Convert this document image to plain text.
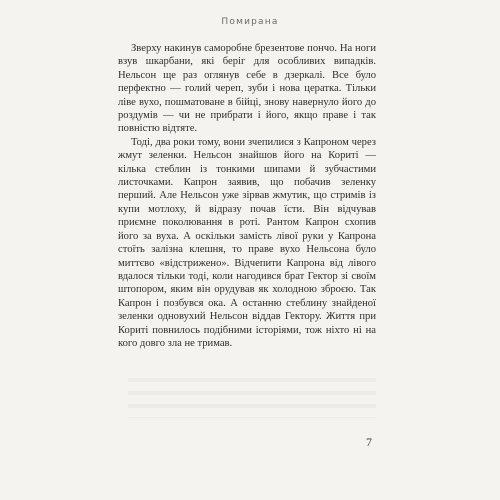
Помирана

Зверху накинув саморобне брезентове пончо. На ноги взув шкарбани, які беріг для особливих випадків. Нельсон ще раз оглянув себе в дзеркалі. Все було перфектно — голий череп, зуби і нова цератка. Тільки ліве вухо, пошматоване в бійці, знову навернуло його до роздумів — чи не прибрати і його, якщо праве і так повністю відтяте.

Тоді, два роки тому, вони зчепилися з Капроном через жмут зеленки. Нельсон знайшов його на Кориті — кілька стеблин із тонкими шипами й зубчастими листочками. Капрон заявив, що побачив зеленку перший. Але Нельсон уже зірвав жмутик, що стримів із купи мотлоху, й відразу почав їсти. Він відчував приємне поколювання в роті. Рантом Капрон схопив його за вуха. А оскільки замість лівої руки у Капрона стоїть залізна клешня, то праве вухо Нельсона було миттєво «відстрижено». Відчепити Капрона від лівого вдалося тільки тоді, коли нагодився брат Гектор зі своїм штопором, яким він орудував як холодною зброєю. Так Капрон і позбувся ока. А останню стеблину знайденої зеленки одновухий Нельсон віддав Гектору. Життя при Кориті повнилось подібними історіями, тож ніхто ні на кого довго зла не тримав.

7
